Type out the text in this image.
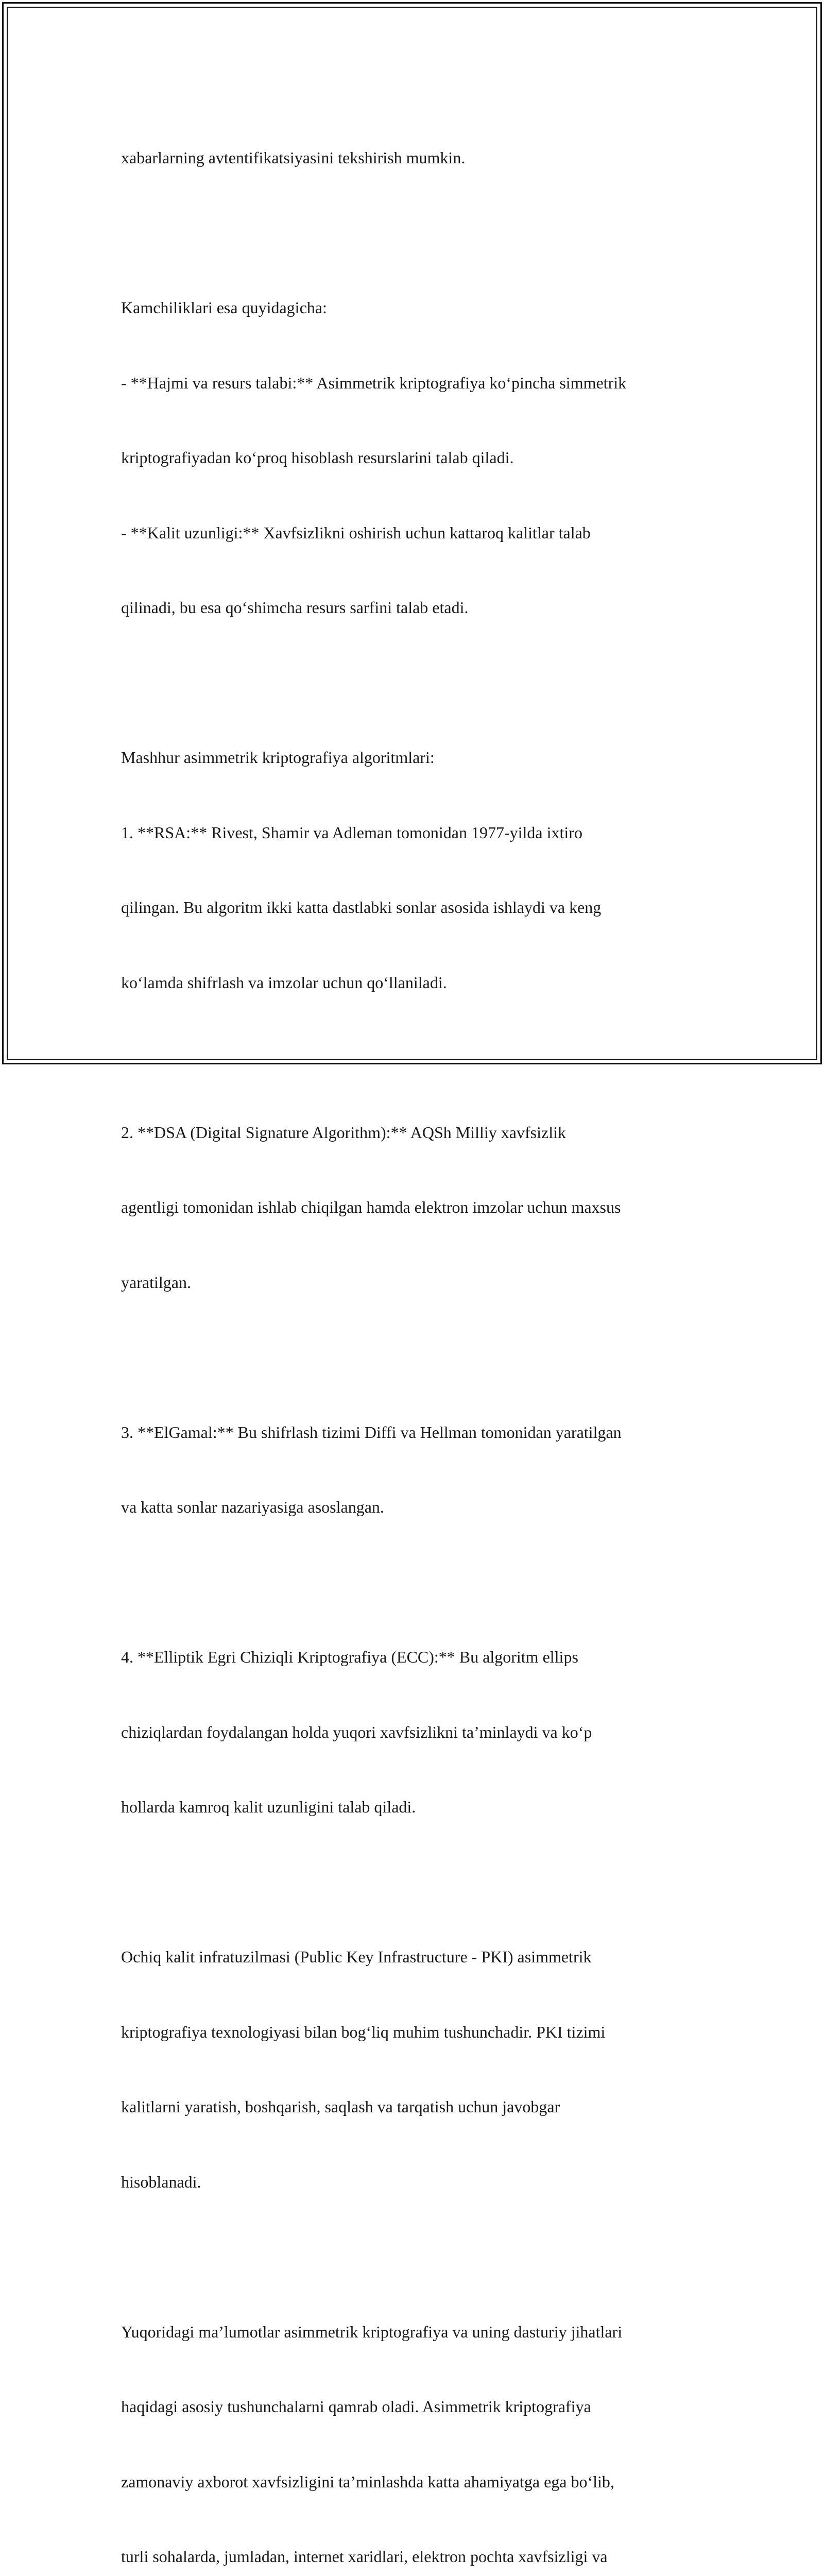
xabarlarning avtentifikatsiyasini tekshirish mumkin.

Kamchiliklari esa quyidagicha:

- **Hajmi va resurs talabi:** Asimmetrik kriptografiya ko‘pincha simmetrik

kriptografiyadan ko‘proq hisoblash resurslarini talab qiladi.

- **Kalit uzunligi:** Xavfsizlikni oshirish uchun kattaroq kalitlar talab

qilinadi, bu esa qo‘shimcha resurs sarfini talab etadi.

Mashhur asimmetrik kriptografiya algoritmlari:

1. **RSA:** Rivest, Shamir va Adleman tomonidan 1977-yilda ixtiro

qilingan. Bu algoritm ikki katta dastlabki sonlar asosida ishlaydi va keng

ko‘lamda shifrlash va imzolar uchun qo‘llaniladi.

2. **DSA (Digital Signature Algorithm):** AQSh Milliy xavfsizlik

agentligi tomonidan ishlab chiqilgan hamda elektron imzolar uchun maxsus

yaratilgan.

3. **ElGamal:** Bu shifrlash tizimi Diffi va Hellman tomonidan yaratilgan

va katta sonlar nazariyasiga asoslangan.

4. **Elliptik Egri Chiziqli Kriptografiya (ECC):** Bu algoritm ellips

chiziqlardan foydalangan holda yuqori xavfsizlikni ta’minlaydi va ko‘p

hollarda kamroq kalit uzunligini talab qiladi.

Ochiq kalit infratuzilmasi (Public Key Infrastructure - PKI) asimmetrik

kriptografiya texnologiyasi bilan bog‘liq muhim tushunchadir. PKI tizimi

kalitlarni yaratish, boshqarish, saqlash va tarqatish uchun javobgar

hisoblanadi.

Yuqoridagi ma’lumotlar asimmetrik kriptografiya va uning dasturiy jihatlari

haqidagi asosiy tushunchalarni qamrab oladi. Asimmetrik kriptografiya

zamonaviy axborot xavfsizligini ta’minlashda katta ahamiyatga ega bo‘lib,

turli sohalarda, jumladan, internet xaridlari, elektron pochta xavfsizligi va
